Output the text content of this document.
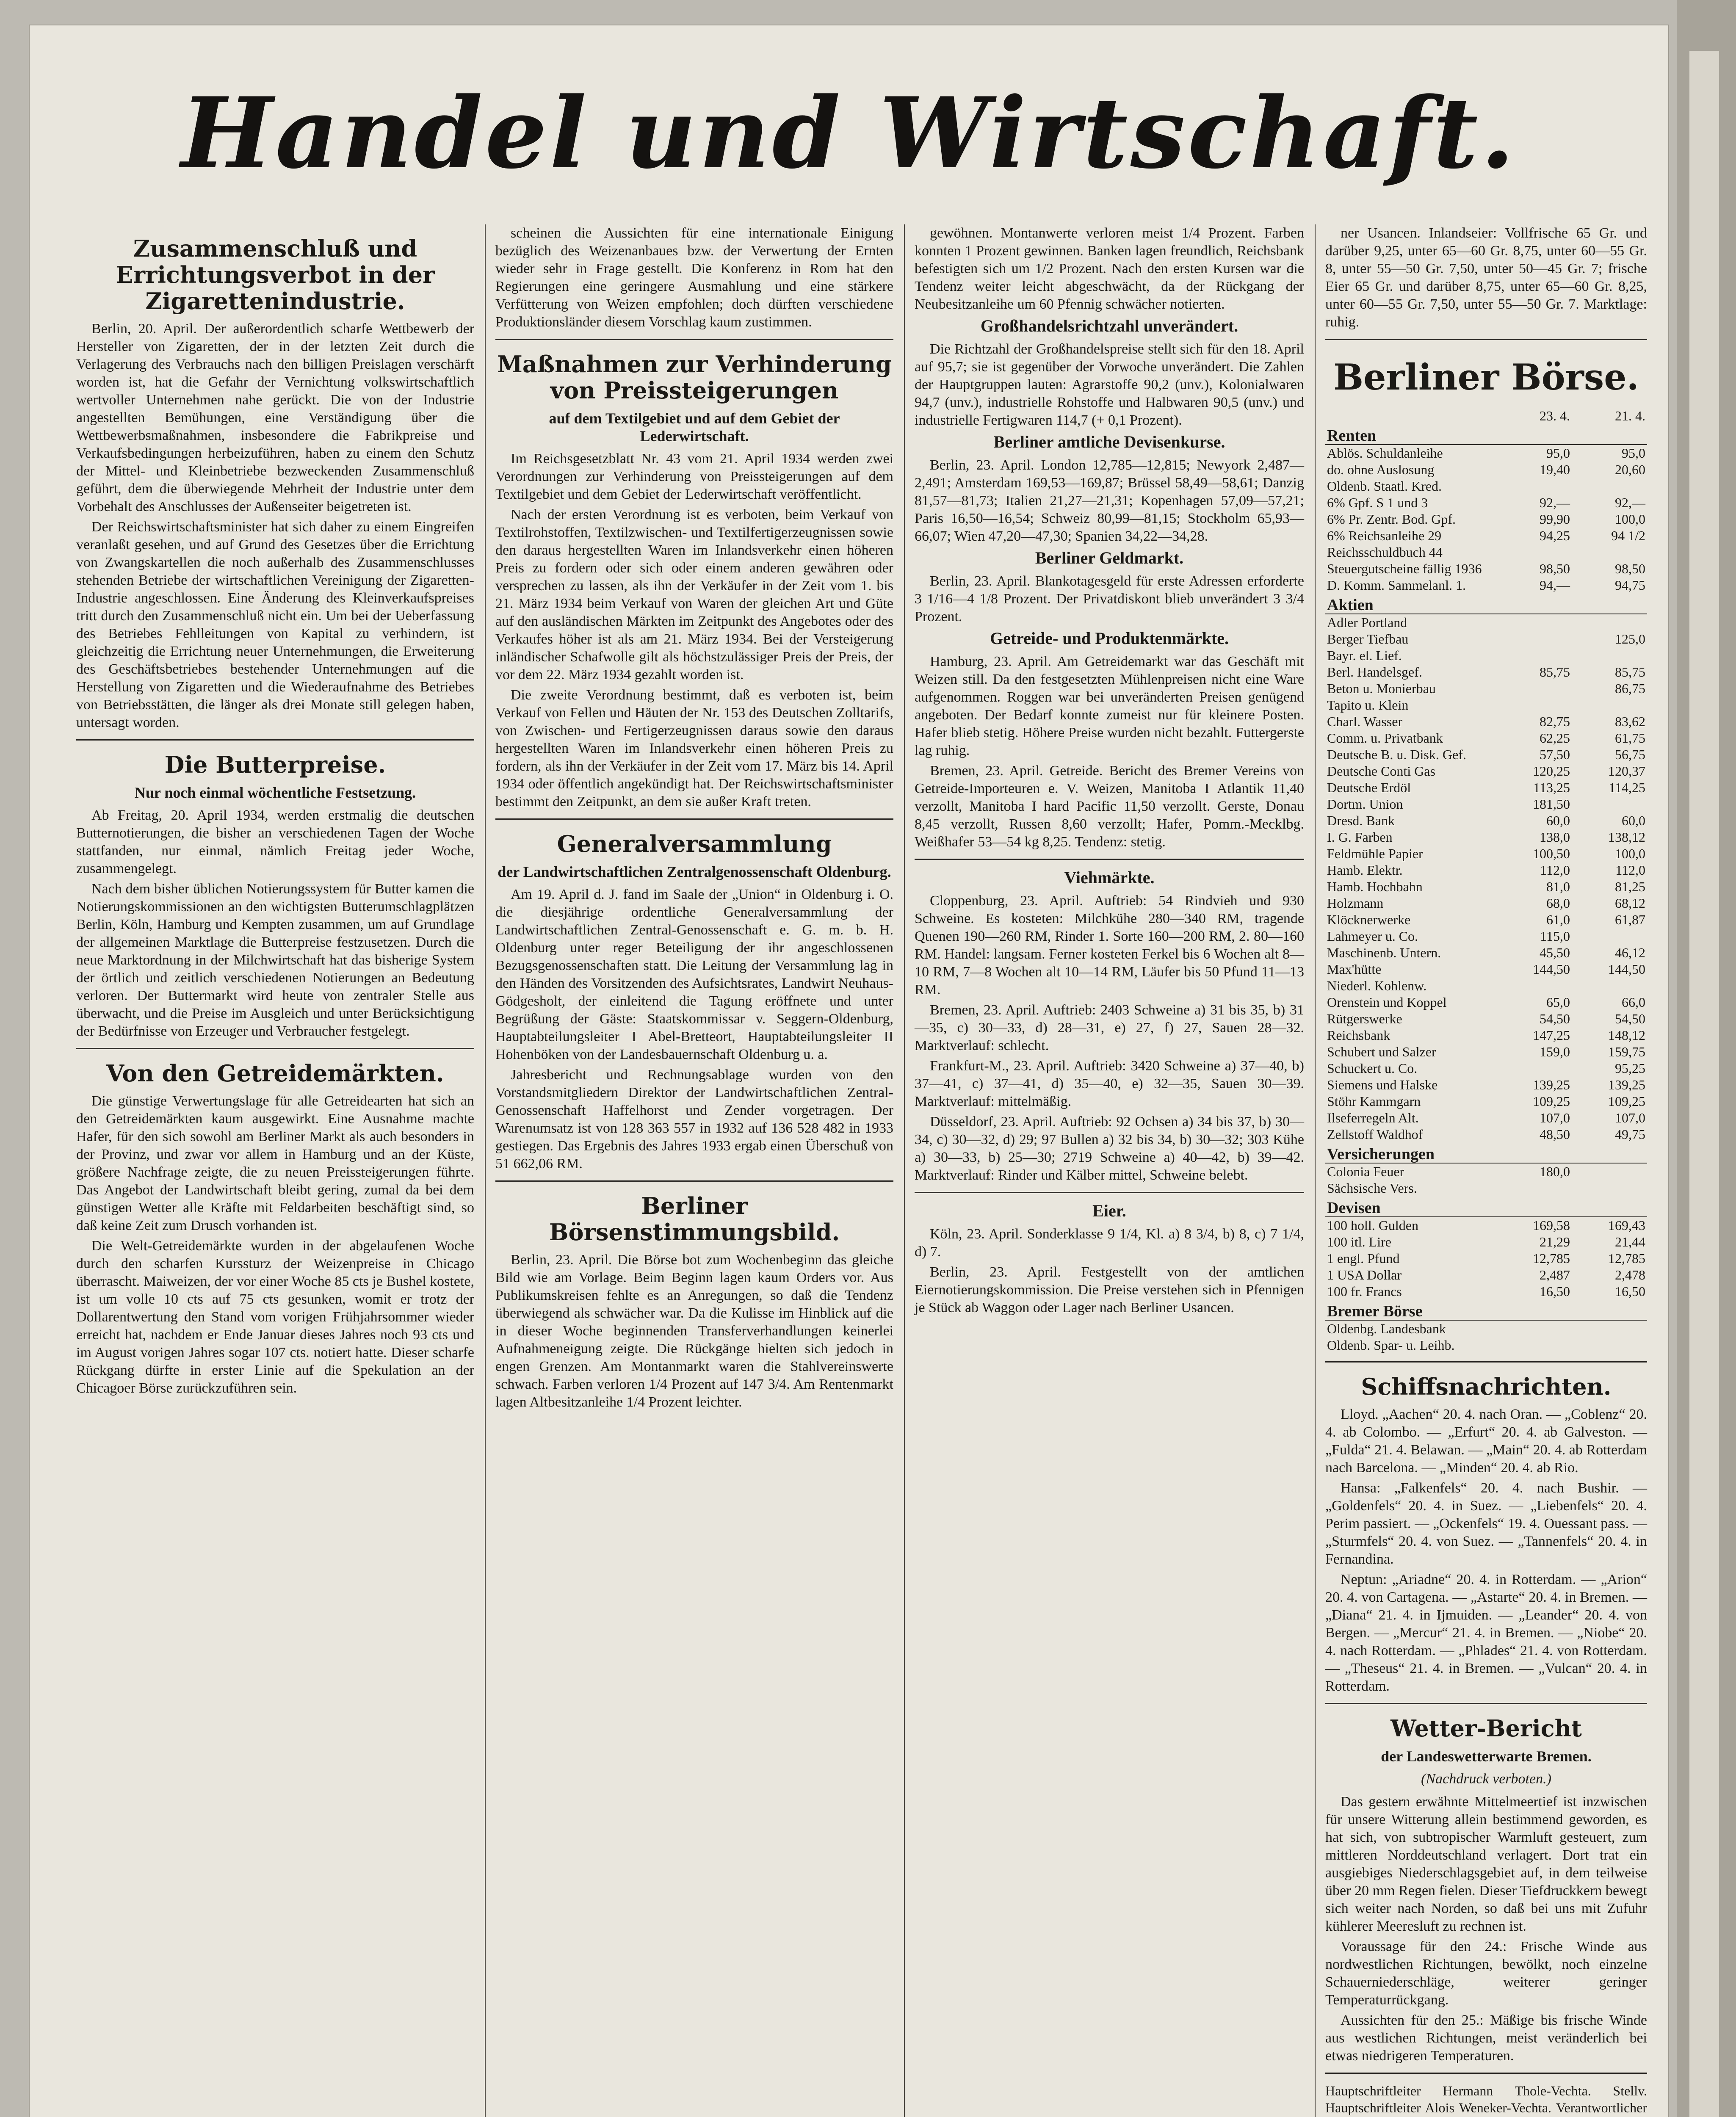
Handel und Wirtschaft.
Zusammenschluß und Errichtungsverbot in der Zigarettenindustrie.

Berlin, 20. April. Der außerordentlich scharfe Wettbewerb der Hersteller von Zigaretten, der in der letzten Zeit durch die Verlagerung des Verbrauchs nach den billigen Preislagen verschärft worden ist, hat die Gefahr der Vernichtung volkswirtschaftlich wertvoller Unternehmen nahe gerückt. Die von der Industrie angestellten Bemühungen, eine Verständigung über die Wettbewerbsmaßnahmen, insbesondere die Fabrikpreise und Verkaufsbedingungen herbeizuführen, haben zu einem den Schutz der Mittel- und Kleinbetriebe bezweckenden Zusammenschluß geführt, dem die überwiegende Mehrheit der Industrie unter dem Vorbehalt des Anschlusses der Außenseiter beigetreten ist.

Der Reichswirtschaftsminister hat sich daher zu einem Eingreifen veranlaßt gesehen, und auf Grund des Gesetzes über die Errichtung von Zwangskartellen die noch außerhalb des Zusammenschlusses stehenden Betriebe der wirtschaftlichen Vereinigung der Zigaretten-Industrie angeschlossen. Eine Änderung des Kleinverkaufspreises tritt durch den Zusammenschluß nicht ein. Um bei der Ueberfassung des Betriebes Fehlleitungen von Kapital zu verhindern, ist gleichzeitig die Errichtung neuer Unternehmungen, die Erweiterung des Geschäftsbetriebes bestehender Unternehmungen auf die Herstellung von Zigaretten und die Wiederaufnahme des Betriebes von Betriebsstätten, die länger als drei Monate still gelegen haben, untersagt worden.

Die Butterpreise.
Nur noch einmal wöchentliche Festsetzung.

Ab Freitag, 20. April 1934, werden erstmalig die deutschen Butternotierungen, die bisher an verschiedenen Tagen der Woche stattfanden, nur einmal, nämlich Freitag jeder Woche, zusammengelegt.

Nach dem bisher üblichen Notierungssystem für Butter kamen die Notierungskommissionen an den wichtigsten Butterumschlagplätzen Berlin, Köln, Hamburg und Kempten zusammen, um auf Grundlage der allgemeinen Marktlage die Butterpreise festzusetzen. Durch die neue Marktordnung in der Milchwirtschaft hat das bisherige System der örtlich und zeitlich verschiedenen Notierungen an Bedeutung verloren. Der Buttermarkt wird heute von zentraler Stelle aus überwacht, und die Preise im Ausgleich und unter Berücksichtigung der Bedürfnisse von Erzeuger und Verbraucher festgelegt.

Von den Getreidemärkten.

Die günstige Verwertungslage für alle Getreidearten hat sich an den Getreidemärkten kaum ausgewirkt. Eine Ausnahme machte Hafer, für den sich sowohl am Berliner Markt als auch besonders in der Provinz, und zwar vor allem in Hamburg und an der Küste, größere Nachfrage zeigte, die zu neuen Preissteigerungen führte. Das Angebot der Landwirtschaft bleibt gering, zumal da bei dem günstigen Wetter alle Kräfte mit Feldarbeiten beschäftigt sind, so daß keine Zeit zum Drusch vorhanden ist.

Die Welt-Getreidemärkte wurden in der abgelaufenen Woche durch den scharfen Kurssturz der Weizenpreise in Chicago überrascht. Maiweizen, der vor einer Woche 85 cts je Bushel kostete, ist um volle 10 cts auf 75 cts gesunken, womit er trotz der Dollarentwertung den Stand vom vorigen Frühjahrsommer wieder erreicht hat, nachdem er Ende Januar dieses Jahres noch 93 cts und im August vorigen Jahres sogar 107 cts. notiert hatte. Dieser scharfe Rückgang dürfte in erster Linie auf die Spekulation an der Chicagoer Börse zurückzuführen sein.

scheinen die Aussichten für eine internationale Einigung bezüglich des Weizenanbaues bzw. der Verwertung der Ernten wieder sehr in Frage gestellt. Die Konferenz in Rom hat den Regierungen eine geringere Ausmahlung und eine stärkere Verfütterung von Weizen empfohlen; doch dürften verschiedene Produktionsländer diesem Vorschlag kaum zustimmen.

Maßnahmen zur Verhinderung von Preissteigerungen
auf dem Textilgebiet und auf dem Gebiet der Lederwirtschaft.

Im Reichsgesetzblatt Nr. 43 vom 21. April 1934 werden zwei Verordnungen zur Verhinderung von Preissteigerungen auf dem Textilgebiet und dem Gebiet der Lederwirtschaft veröffentlicht.

Nach der ersten Verordnung ist es verboten, beim Verkauf von Textilrohstoffen, Textilzwischen- und Textilfertigerzeugnissen sowie den daraus hergestellten Waren im Inlandsverkehr einen höheren Preis zu fordern oder sich oder einem anderen gewähren oder versprechen zu lassen, als ihn der Verkäufer in der Zeit vom 1. bis 21. März 1934 beim Verkauf von Waren der gleichen Art und Güte auf den ausländischen Märkten im Zeitpunkt des Angebotes oder des Verkaufes höher ist als am 21. März 1934. Bei der Versteigerung inländischer Schafwolle gilt als höchstzulässiger Preis der Preis, der vor dem 22. März 1934 gezahlt worden ist.

Die zweite Verordnung bestimmt, daß es verboten ist, beim Verkauf von Fellen und Häuten der Nr. 153 des Deutschen Zolltarifs, von Zwischen- und Fertigerzeugnissen daraus sowie den daraus hergestellten Waren im Inlandsverkehr einen höheren Preis zu fordern, als ihn der Verkäufer in der Zeit vom 17. März bis 14. April 1934 oder öffentlich angekündigt hat. Der Reichswirtschaftsminister bestimmt den Zeitpunkt, an dem sie außer Kraft treten.

Generalversammlung
der Landwirtschaftlichen Zentralgenossenschaft Oldenburg.

Am 19. April d. J. fand im Saale der „Union“ in Oldenburg i. O. die diesjährige ordentliche Generalversammlung der Landwirtschaftlichen Zentral-Genossenschaft e. G. m. b. H. Oldenburg unter reger Beteiligung der ihr angeschlossenen Bezugsgenossenschaften statt. Die Leitung der Versammlung lag in den Händen des Vorsitzenden des Aufsichtsrates, Landwirt Neuhaus-Gödgesholt, der einleitend die Tagung eröffnete und unter Begrüßung der Gäste: Staatskommissar v. Seggern-Oldenburg, Hauptabteilungsleiter I Abel-Bretteort, Hauptabteilungsleiter II Hohenböken von der Landesbauernschaft Oldenburg u. a.

Jahresbericht und Rechnungsablage wurden von den Vorstandsmitgliedern Direktor der Landwirtschaftlichen Zentral-Genossenschaft Haffelhorst und Zender vorgetragen. Der Warenumsatz ist von 128 363 557 in 1932 auf 136 528 482 in 1933 gestiegen. Das Ergebnis des Jahres 1933 ergab einen Überschuß von 51 662,06 RM.

Berliner Börsenstimmungsbild.

Berlin, 23. April. Die Börse bot zum Wochenbeginn das gleiche Bild wie am Vorlage. Beim Beginn lagen kaum Orders vor. Aus Publikumskreisen fehlte es an Anregungen, so daß die Tendenz überwiegend als schwächer war. Da die Kulisse im Hinblick auf die in dieser Woche beginnenden Transferverhandlungen keinerlei Aufnahmeneigung zeigte. Die Rückgänge hielten sich jedoch in engen Grenzen. Am Montanmarkt waren die Stahlvereinswerte schwach. Farben verloren 1/4 Prozent auf 147 3/4. Am Rentenmarkt lagen Altbesitzanleihe 1/4 Prozent leichter.

gewöhnen. Montanwerte verloren meist 1/4 Prozent. Farben konnten 1 Prozent gewinnen. Banken lagen freundlich, Reichsbank befestigten sich um 1/2 Prozent. Nach den ersten Kursen war die Tendenz weiter leicht abgeschwächt, da der Rückgang der Neubesitzanleihe um 60 Pfennig schwächer notierten.

Großhandelsrichtzahl unverändert.

Die Richtzahl der Großhandelspreise stellt sich für den 18. April auf 95,7; sie ist gegenüber der Vorwoche unverändert. Die Zahlen der Hauptgruppen lauten: Agrarstoffe 90,2 (unv.), Kolonialwaren 94,7 (unv.), industrielle Rohstoffe und Halbwaren 90,5 (unv.) und industrielle Fertigwaren 114,7 (+ 0,1 Prozent).

Berliner amtliche Devisenkurse.

Berlin, 23. April. London 12,785—12,815; Newyork 2,487—2,491; Amsterdam 169,53—169,87; Brüssel 58,49—58,61; Danzig 81,57—81,73; Italien 21,27—21,31; Kopenhagen 57,09—57,21; Paris 16,50—16,54; Schweiz 80,99—81,15; Stockholm 65,93—66,07; Wien 47,20—47,30; Spanien 34,22—34,28.

Berliner Geldmarkt.

Berlin, 23. April. Blankotagesgeld für erste Adressen erforderte 3 1/16—4 1/8 Prozent. Der Privatdiskont blieb unverändert 3 3/4 Prozent.

Getreide- und Produktenmärkte.

Hamburg, 23. April. Am Getreidemarkt war das Geschäft mit Weizen still. Da den festgesetzten Mühlenpreisen nicht eine Ware aufgenommen. Roggen war bei unveränderten Preisen genügend angeboten. Der Bedarf konnte zumeist nur für kleinere Posten. Hafer blieb stetig. Höhere Preise wurden nicht bezahlt. Futtergerste lag ruhig.

Bremen, 23. April. Getreide. Bericht des Bremer Vereins von Getreide-Importeuren e. V. Weizen, Manitoba I Atlantik 11,40 verzollt, Manitoba I hard Pacific 11,50 verzollt. Gerste, Donau 8,45 verzollt, Russen 8,60 verzollt; Hafer, Pomm.-Mecklbg. Weißhafer 53—54 kg 8,25. Tendenz: stetig.

Viehmärkte.

Cloppenburg, 23. April. Auftrieb: 54 Rindvieh und 930 Schweine. Es kosteten: Milchkühe 280—340 RM, tragende Quenen 190—260 RM, Rinder 1. Sorte 160—200 RM, 2. 80—160 RM. Handel: langsam. Ferner kosteten Ferkel bis 6 Wochen alt 8—10 RM, 7—8 Wochen alt 10—14 RM, Läufer bis 50 Pfund 11—13 RM.

Bremen, 23. April. Auftrieb: 2403 Schweine a) 31 bis 35, b) 31—35, c) 30—33, d) 28—31, e) 27, f) 27, Sauen 28—32. Marktverlauf: schlecht.

Frankfurt-M., 23. April. Auftrieb: 3420 Schweine a) 37—40, b) 37—41, c) 37—41, d) 35—40, e) 32—35, Sauen 30—39. Marktverlauf: mittelmäßig.

Düsseldorf, 23. April. Auftrieb: 92 Ochsen a) 34 bis 37, b) 30—34, c) 30—32, d) 29; 97 Bullen a) 32 bis 34, b) 30—32; 303 Kühe a) 30—33, b) 25—30; 2719 Schweine a) 40—42, b) 39—42. Marktverlauf: Rinder und Kälber mittel, Schweine belebt.

Eier.

Köln, 23. April. Sonderklasse 9 1/4, Kl. a) 8 3/4, b) 8, c) 7 1/4, d) 7.

Berlin, 23. April. Festgestellt von der amtlichen Eiernotierungskommission. Die Preise verstehen sich in Pfennigen je Stück ab Waggon oder Lager nach Berliner Usancen.

ner Usancen. Inlandseier: Vollfrische 65 Gr. und darüber 9,25, unter 65—60 Gr. 8,75, unter 60—55 Gr. 8, unter 55—50 Gr. 7,50, unter 50—45 Gr. 7; frische Eier 65 Gr. und darüber 8,75, unter 65—60 Gr. 8,25, unter 60—55 Gr. 7,50, unter 55—50 Gr. 7. Marktlage: ruhig.

Berliner Börse.
	23. 4.	21. 4.
Renten		
Ablös. Schuldanleihe	95,0	95,0
do. ohne Auslosung	19,40	20,60
Oldenb. Staatl. Kred.		
6% Gpf. S 1 und 3	92,—	92,—
6% Pr. Zentr. Bod. Gpf.	99,90	100,0
6% Reichsanleihe 29	94,25	94 1/2
Reichsschuldbuch 44		
Steuergutscheine fällig 1936	98,50	98,50
D. Komm. Sammelanl. 1.	94,—	94,75
Aktien		
Adler Portland		
Berger Tiefbau		125,0
Bayr. el. Lief.		
Berl. Handelsgef.	85,75	85,75
Beton u. Monierbau		86,75
Tapito u. Klein		
Charl. Wasser	82,75	83,62
Comm. u. Privatbank	62,25	61,75
Deutsche B. u. Disk. Gef.	57,50	56,75
Deutsche Conti Gas	120,25	120,37
Deutsche Erdöl	113,25	114,25
Dortm. Union	181,50	
Dresd. Bank	60,0	60,0
I. G. Farben	138,0	138,12
Feldmühle Papier	100,50	100,0
Hamb. Elektr.	112,0	112,0
Hamb. Hochbahn	81,0	81,25
Holzmann	68,0	68,12
Klöcknerwerke	61,0	61,87
Lahmeyer u. Co.	115,0	
Maschinenb. Untern.	45,50	46,12
Max'hütte	144,50	144,50
Niederl. Kohlenw.		
Orenstein und Koppel	65,0	66,0
Rütgerswerke	54,50	54,50
Reichsbank	147,25	148,12
Schubert und Salzer	159,0	159,75
Schuckert u. Co.		95,25
Siemens und Halske	139,25	139,25
Stöhr Kammgarn	109,25	109,25
Ilseferregeln Alt.	107,0	107,0
Zellstoff Waldhof	48,50	49,75
Versicherungen		
Colonia Feuer	180,0	
Sächsische Vers.		
Devisen		
100 holl. Gulden	169,58	169,43
100 itl. Lire	21,29	21,44
1 engl. Pfund	12,785	12,785
1 USA Dollar	2,487	2,478
100 fr. Francs	16,50	16,50
Bremer Börse		
Oldenbg. Landesbank		
Oldenb. Spar- u. Leihb.		
Schiffsnachrichten.

Lloyd. „Aachen“ 20. 4. nach Oran. — „Coblenz“ 20. 4. ab Colombo. — „Erfurt“ 20. 4. ab Galveston. — „Fulda“ 21. 4. Belawan. — „Main“ 20. 4. ab Rotterdam nach Barcelona. — „Minden“ 20. 4. ab Rio.

Hansa: „Falkenfels“ 20. 4. nach Bushir. — „Goldenfels“ 20. 4. in Suez. — „Liebenfels“ 20. 4. Perim passiert. — „Ockenfels“ 19. 4. Ouessant pass. — „Sturmfels“ 20. 4. von Suez. — „Tannenfels“ 20. 4. in Fernandina.

Neptun: „Ariadne“ 20. 4. in Rotterdam. — „Arion“ 20. 4. von Cartagena. — „Astarte“ 20. 4. in Bremen. — „Diana“ 21. 4. in Ijmuiden. — „Leander“ 20. 4. von Bergen. — „Mercur“ 21. 4. in Bremen. — „Niobe“ 20. 4. nach Rotterdam. — „Phlades“ 21. 4. von Rotterdam. — „Theseus“ 21. 4. in Bremen. — „Vulcan“ 20. 4. in Rotterdam.

Wetter-Bericht
der Landeswetterwarte Bremen.
(Nachdruck verboten.)

Das gestern erwähnte Mittelmeertief ist inzwischen für unsere Witterung allein bestimmend geworden, es hat sich, von subtropischer Warmluft gesteuert, zum mittleren Norddeutschland verlagert. Dort trat ein ausgiebiges Niederschlagsgebiet auf, in dem teilweise über 20 mm Regen fielen. Dieser Tiefdruckkern bewegt sich weiter nach Norden, so daß bei uns mit Zufuhr kühlerer Meeresluft zu rechnen ist.

Voraussage für den 24.: Frische Winde aus nordwestlichen Richtungen, bewölkt, noch einzelne Schauerniederschläge, weiterer geringer Temperaturrückgang.

Aussichten für den 25.: Mäßige bis frische Winde aus westlichen Richtungen, meist veränderlich bei etwas niedrigeren Temperaturen.

Hauptschriftleiter Hermann Thole-Vechta. Stellv. Hauptschriftleiter Alois Weneker-Vechta. Verantwortlicher
